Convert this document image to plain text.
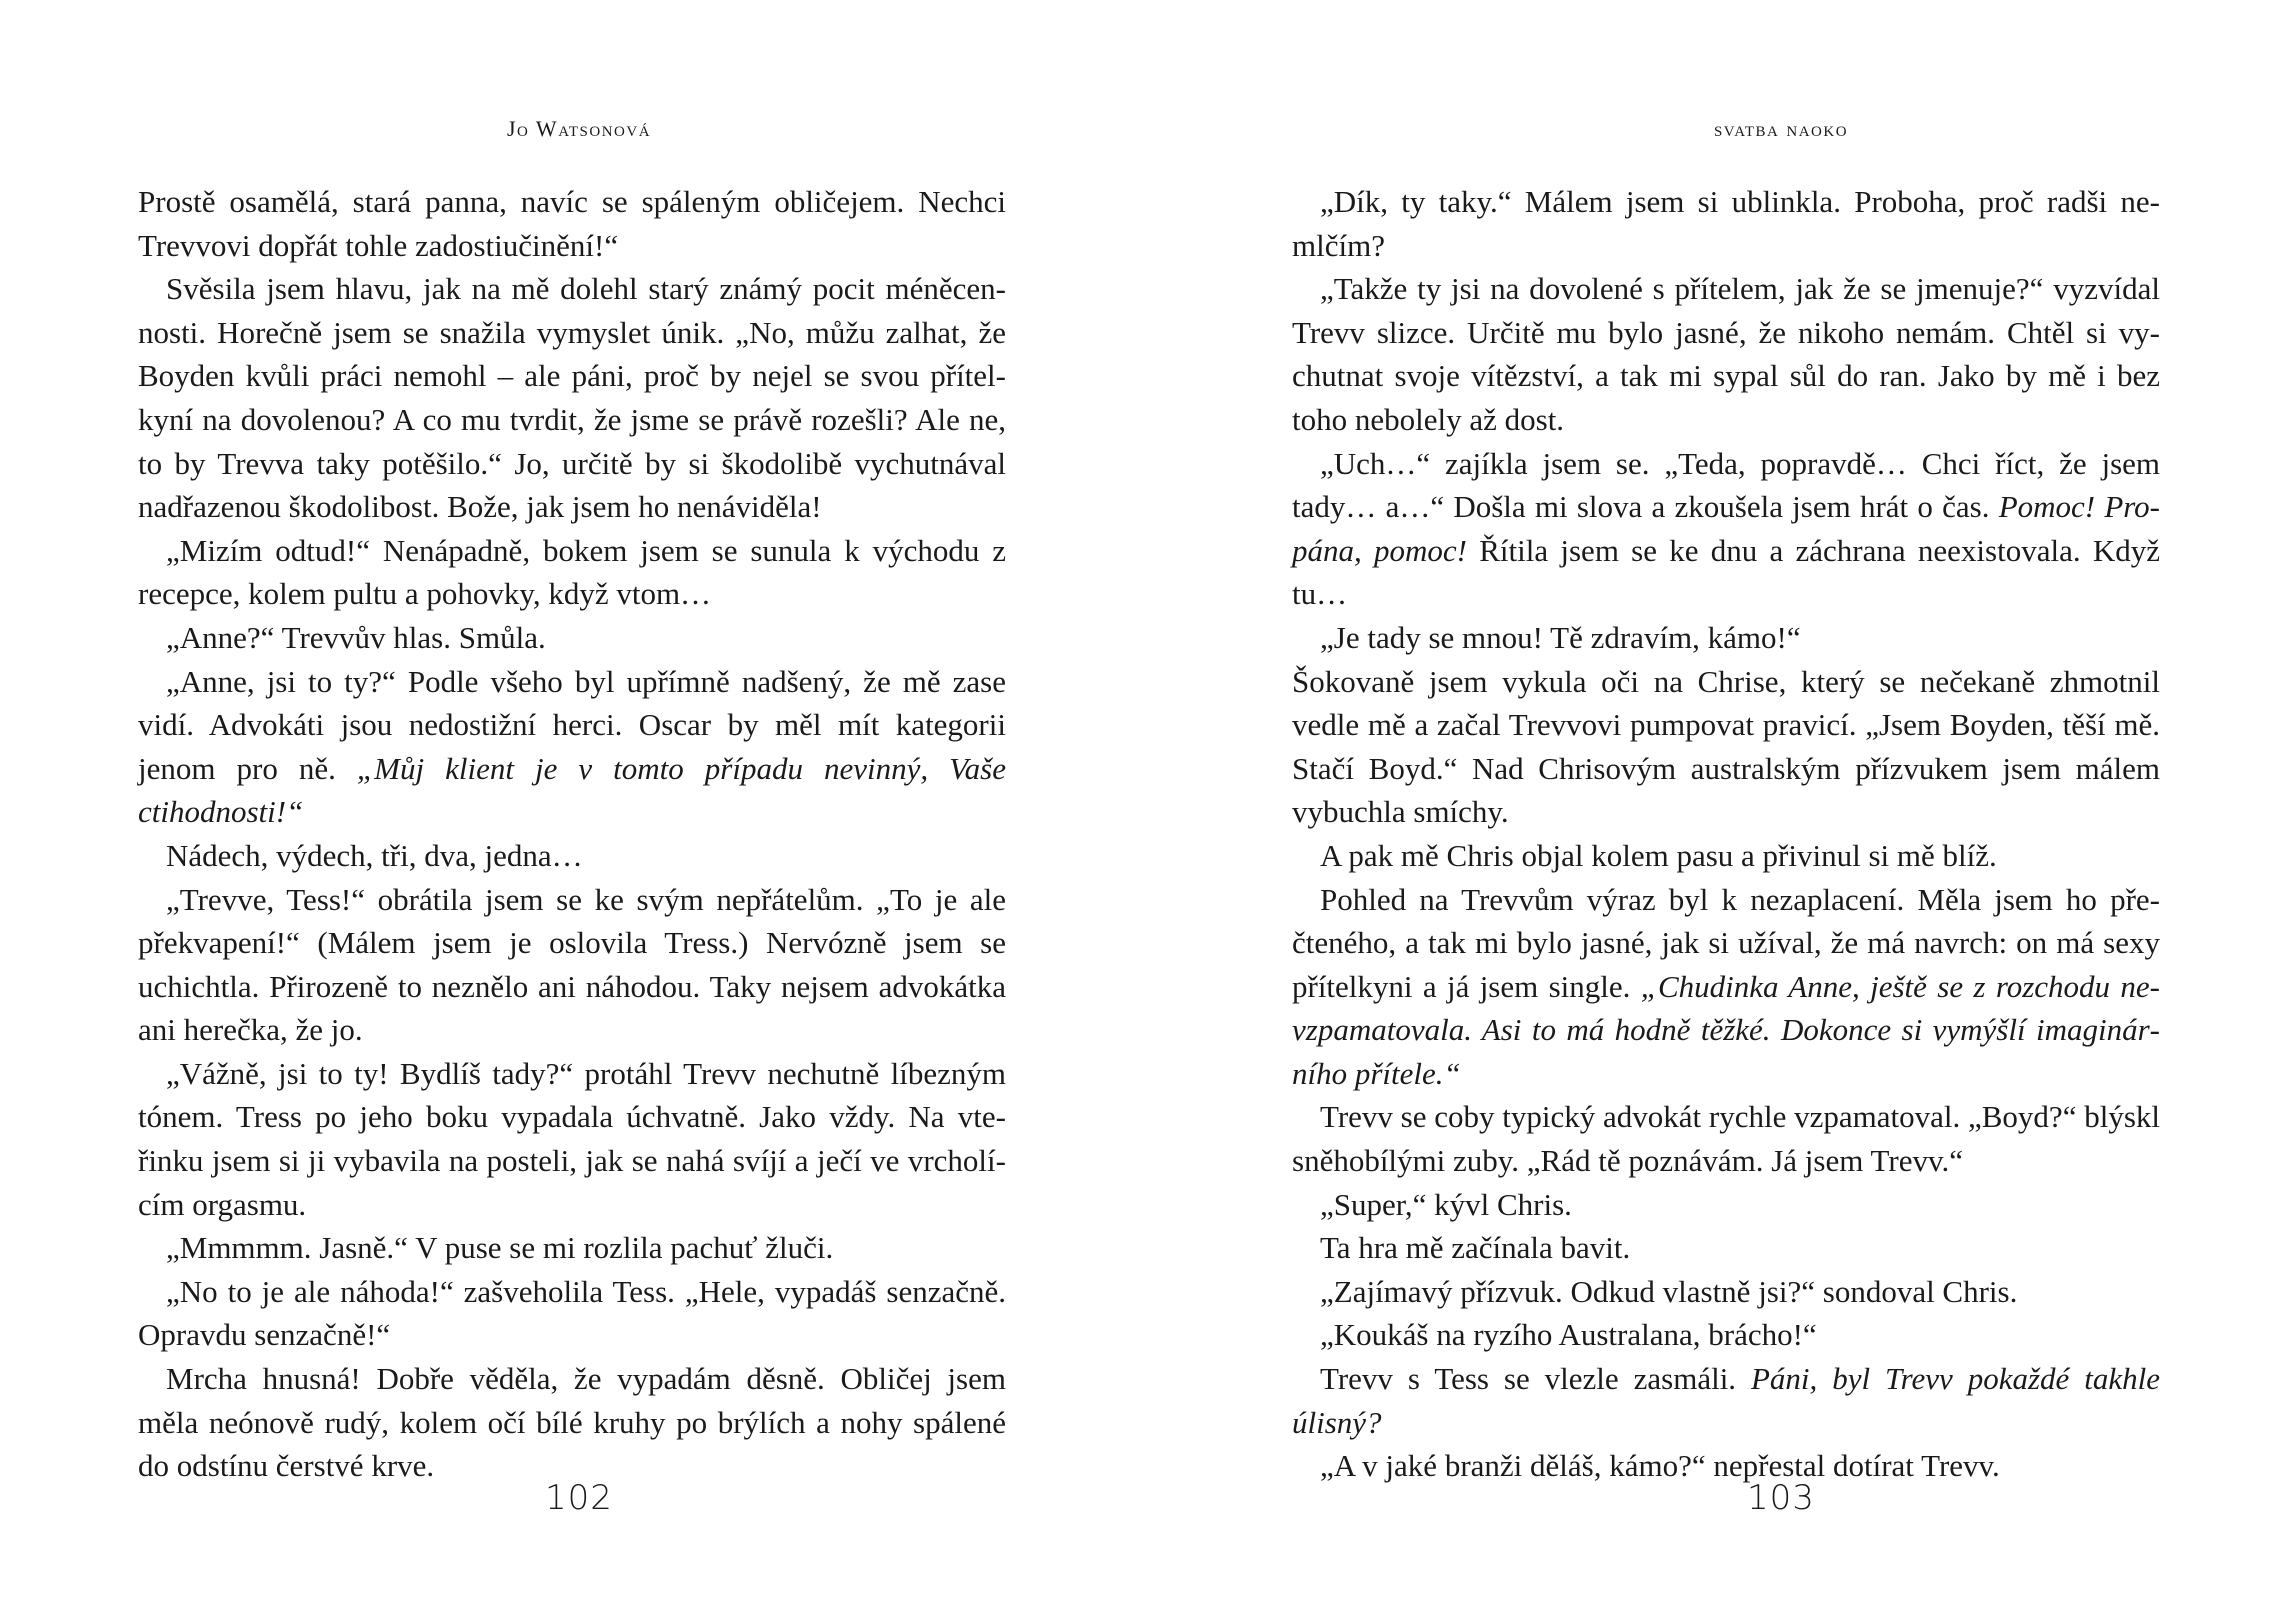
Jo Watsonová

Prostě osamělá, stará panna, navíc se spáleným obličejem. Nechci Trevvovi dopřát tohle zadostiučinění!“

Svěsila jsem hlavu, jak na mě dolehl starý známý pocit méněcennosti. Horečně jsem se snažila vymyslet únik. „No, můžu zalhat, že Boyden kvůli práci nemohl – ale páni, proč by nejel se svou přítelkyní na dovolenou? A co mu tvrdit, že jsme se právě rozešli? Ale ne, to by Trevva taky potěšilo.“ Jo, určitě by si škodolibě vychutnával nadřazenou škodolibost. Bože, jak jsem ho nenáviděla!

„Mizím odtud!“ Nenápadně, bokem jsem se sunula k východu z recepce, kolem pultu a pohovky, když vtom…

„Anne?“ Trevvův hlas. Smůla.

„Anne, jsi to ty?“ Podle všeho byl upřímně nadšený, že mě zase vidí. Advokáti jsou nedostižní herci. Oscar by měl mít kategorii jenom pro ně. „Můj klient je v tomto případu nevinný, Vaše ctihodnosti!“

Nádech, výdech, tři, dva, jedna…

„Trevve, Tess!“ obrátila jsem se ke svým nepřátelům. „To je ale překvapení!“ (Málem jsem je oslovila Tress.) Nervózně jsem se uchichtla. Přirozeně to neznělo ani náhodou. Taky nejsem advokátka ani herečka, že jo.

„Vážně, jsi to ty! Bydlíš tady?“ protáhl Trevv nechutně líbezným tónem. Tress po jeho boku vypadala úchvatně. Jako vždy. Na vteřinku jsem si ji vybavila na posteli, jak se nahá svíjí a ječí ve vrcholícím orgasmu.

„Mmmmm. Jasně.“ V puse se mi rozlila pachuť žluči.

„No to je ale náhoda!“ zašveholila Tess. „Hele, vypadáš senzačně. Opravdu senzačně!“

Mrcha hnusná! Dobře věděla, že vypadám děsně. Obličej jsem měla neónově rudý, kolem očí bílé kruhy po brýlích a nohy spálené do odstínu čerstvé krve.

102
svatba naoko

„Dík, ty taky.“ Málem jsem si ublinkla. Proboha, proč radši nemlčím?

„Takže ty jsi na dovolené s přítelem, jak že se jmenuje?“ vyzvídal Trevv slizce. Určitě mu bylo jasné, že nikoho nemám. Chtěl si vychutnat svoje vítězství, a tak mi sypal sůl do ran. Jako by mě i bez toho nebolely až dost.

„Uch…“ zajíkla jsem se. „Teda, popravdě… Chci říct, že jsem tady… a…“ Došla mi slova a zkoušela jsem hrát o čas. Pomoc! Propána, pomoc! Řítila jsem se ke dnu a záchrana neexistovala. Když tu…

„Je tady se mnou! Tě zdravím, kámo!“

Šokovaně jsem vykula oči na Chrise, který se nečekaně zhmotnil vedle mě a začal Trevvovi pumpovat pravicí. „Jsem Boyden, těší mě. Stačí Boyd.“ Nad Chrisovým australským přízvukem jsem málem vybuchla smíchy.

A pak mě Chris objal kolem pasu a přivinul si mě blíž.

Pohled na Trevvům výraz byl k nezaplacení. Měla jsem ho přečteného, a tak mi bylo jasné, jak si užíval, že má navrch: on má sexy přítelkyni a já jsem single. „Chudinka Anne, ještě se z rozchodu nevzpamatovala. Asi to má hodně těžké. Dokonce si vymýšlí imaginárního přítele.“

Trevv se coby typický advokát rychle vzpamatoval. „Boyd?“ blýskl sněhobílými zuby. „Rád tě poznávám. Já jsem Trevv.“

„Super,“ kývl Chris.

Ta hra mě začínala bavit.

„Zajímavý přízvuk. Odkud vlastně jsi?“ sondoval Chris.

„Koukáš na ryzího Australana, brácho!“

Trevv s Tess se vlezle zasmáli. Páni, byl Trevv pokaždé takhle úlisný?

„A v jaké branži děláš, kámo?“ nepřestal dotírat Trevv.

103
